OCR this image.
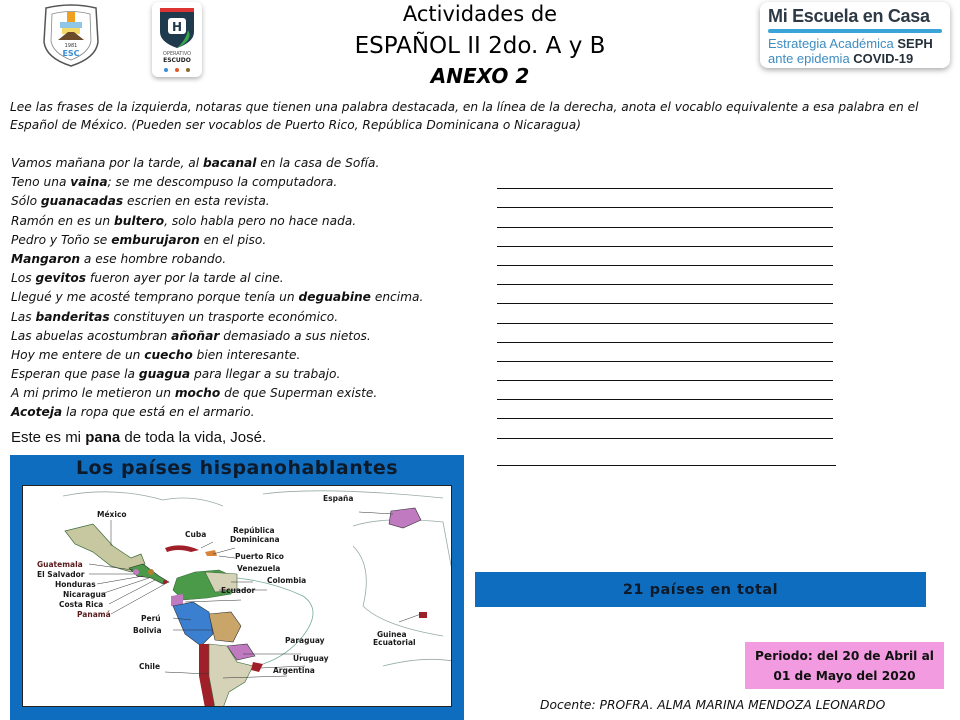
1981
ESC
H
OPERATIVO
ESCUDO
Actividades de
ESPAÑOL II 2do. A y B
ANEXO 2
Mi Escuela en Casa
Estrategia Académica SEPH
ante epidemia COVID-19
Lee las frases de la izquierda, notaras que tienen una palabra destacada, en la línea de la derecha, anota el vocablo equivalente a esa palabra en el Español de México. (Pueden ser vocablos de Puerto Rico, República Dominicana o Nicaragua)
Vamos mañana por la tarde, al bacanal en la casa de Sofía.
Teno una vaina; se me descompuso la computadora.
Sólo guanacadas escrien en esta revista.
Ramón en es un bultero, solo habla pero no hace nada.
Pedro y Toño se emburujaron en el piso.
Mangaron a ese hombre robando.
Los gevitos fueron ayer por la tarde al cine.
Llegué y me acosté temprano porque tenía un deguabine encima.
Las banderitas constituyen un trasporte económico.
Las abuelas acostumbran añoñar demasiado a sus nietos.
Hoy me entere de un cuecho bien interesante.
Esperan que pase la guagua para llegar a su trabajo.
A mi primo le metieron un mocho de que Superman existe.
Acoteja la ropa que está en el armario.
Este es mi pana de toda la vida, José.
Los países hispanohablantes
España
México
Cuba	República
Dominicana
Puerto Rico
Guatemala
El Salvador
Honduras
Nicaragua
Costa Rica
Panamá
Venezuela
Colombia
Ecuador
Perú
Bolivia
Paraguay
Uruguay
Argentina
Chile
Guinea
Ecuatorial
21 países en total
Periodo: del 20 de Abril al
01 de Mayo del 2020
Docente: PROFRA. ALMA MARINA MENDOZA LEONARDO
